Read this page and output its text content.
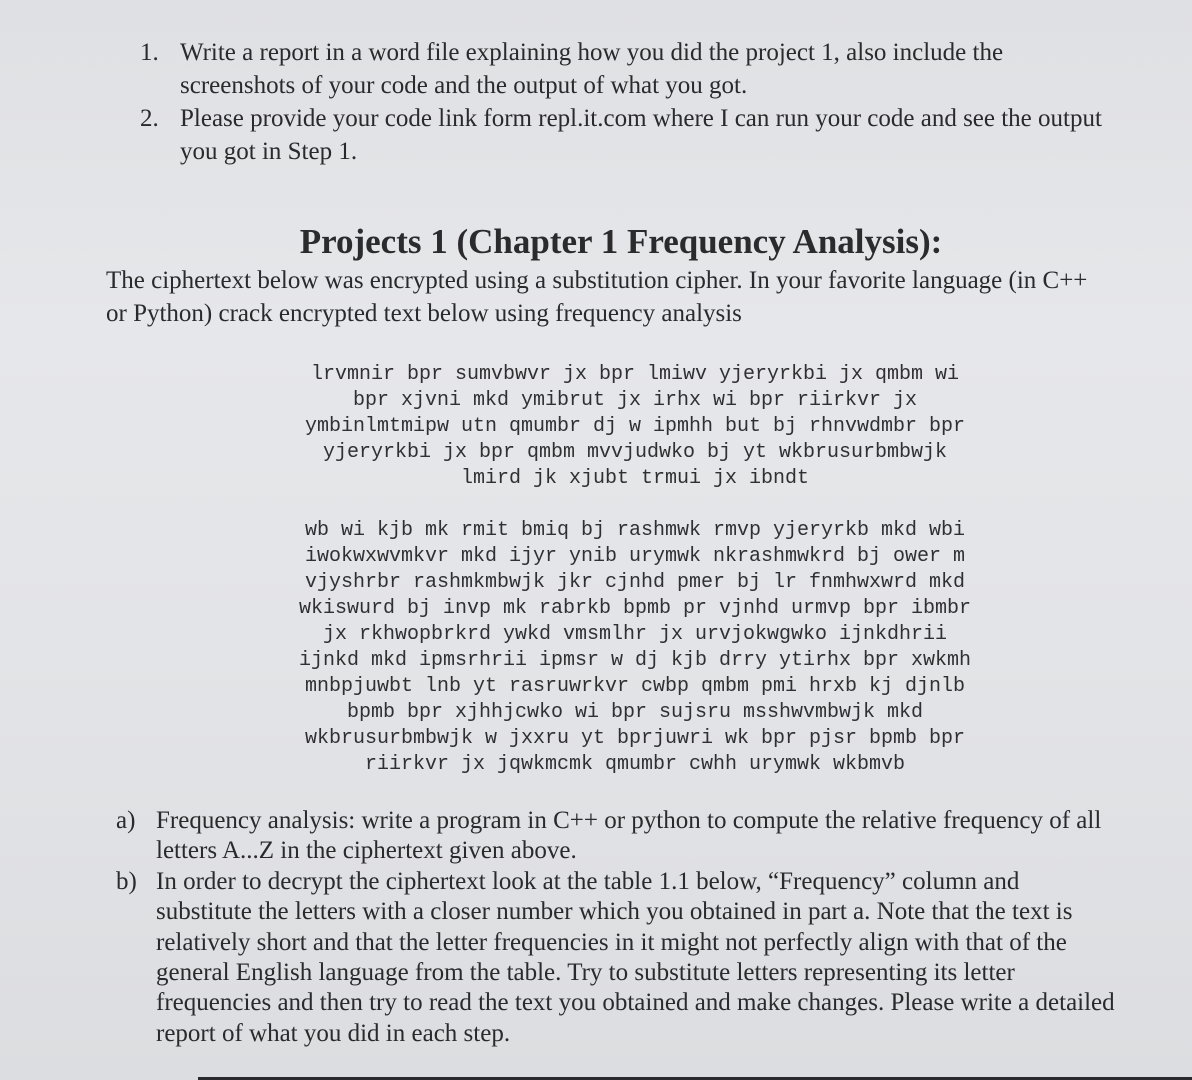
1. Write a report in a word file explaining how you did the project 1, also include the screenshots of your code and the output of what you got.
2. Please provide your code link form repl.it.com where I can run your code and see the output you got in Step 1.
Projects 1 (Chapter 1 Frequency Analysis):
The ciphertext below was encrypted using a substitution cipher. In your favorite language (in C++ or Python) crack encrypted text below using frequency analysis
lrvmnir bpr sumvbwvr jx bpr lmiwv yjeryrkbi jx qmbm wi
bpr xjvni mkd ymibrut jx irhx wi bpr riirkvr jx
ymbinlmtmipw utn qmumbr dj w ipmhh but bj rhnvwdmbr bpr
yjeryrkbi jx bpr qmbm mvvjudwko bj yt wkbrusurbmbwjk
lmird jk xjubt trmui jx ibndt
wb wi kjb mk rmit bmiq bj rashmwk rmvp yjeryrkb mkd wbi
iwokwxwvmkvr mkd ijyr ynib urymwk nkrashmwkrd bj ower m
vjyshrbr rashmkmbwjk jkr cjnhd pmer bj lr fnmhwxwrd mkd
wkiswurd bj invp mk rabrkb bpmb pr vjnhd urmvp bpr ibmbr
jx rkhwopbrkrd ywkd vmsmlhr jx urvjokwgwko ijnkdhrii
ijnkd mkd ipmsrhrii ipmsr w dj kjb drry ytirhx bpr xwkmh
mnbpjuwbt lnb yt rasruwrkvr cwbp qmbm pmi hrxb kj djnlb
bpmb bpr xjhhjcwko wi bpr sujsru msshwvmbwjk mkd
wkbrusurbmbwjk w jxxru yt bprjuwri wk bpr pjsr bpmb bpr
riirkvr jx jqwkmcmk qmumbr cwhh urymwk wkbmvb
a) Frequency analysis: write a program in C++ or python to compute the relative frequency of all letters A...Z in the ciphertext given above.
b) In order to decrypt the ciphertext look at the table 1.1 below, “Frequency” column and substitute the letters with a closer number which you obtained in part a. Note that the text is relatively short and that the letter frequencies in it might not perfectly align with that of the general English language from the table. Try to substitute letters representing its letter frequencies and then try to read the text you obtained and make changes. Please write a detailed report of what you did in each step.
